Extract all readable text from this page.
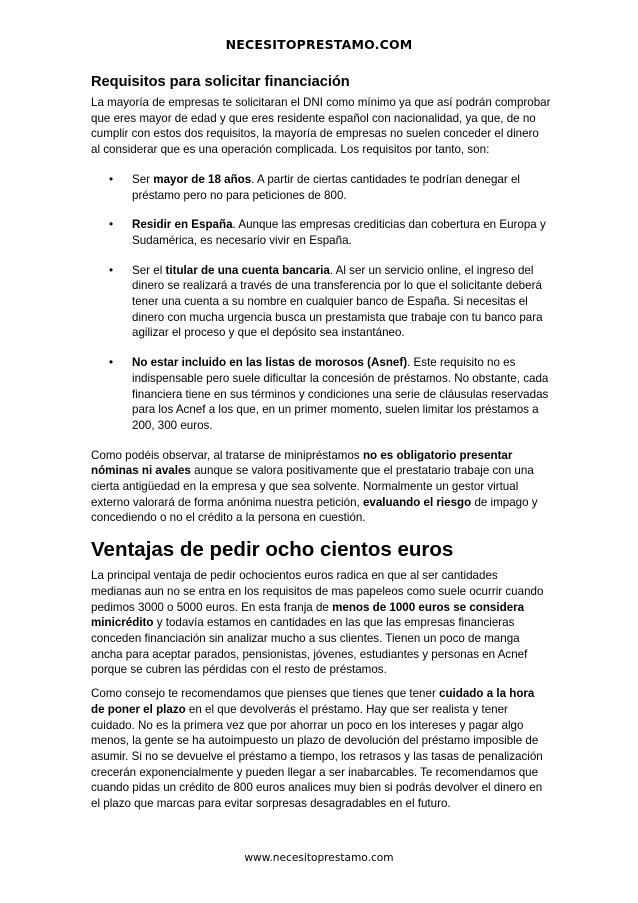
NECESITOPRESTAMO.COM
Requisitos para solicitar financiación

La mayoría de empresas te solicitaran el DNI como mínimo ya que así podrán comprobar que eres mayor de edad y que eres residente español con nacionalidad, ya que, de no cumplir con estos dos requisitos, la mayoría de empresas no suelen conceder el dinero al considerar que es una operación complicada. Los requisitos por tanto, son:

• Ser mayor de 18 años. A partir de ciertas cantidades te podrían denegar el préstamo pero no para peticiones de 800.
• Residir en España. Aunque las empresas crediticias dan cobertura en Europa y Sudamérica, es necesario vivir en España.
• Ser el titular de una cuenta bancaria. Al ser un servicio online, el ingreso del dinero se realizará a través de una transferencia por lo que el solicitante deberá tener una cuenta a su nombre en cualquier banco de España. Si necesitas el dinero con mucha urgencia busca un prestamista que trabaje con tu banco para agilizar el proceso y que el depósito sea instantáneo.
• No estar incluido en las listas de morosos (Asnef). Este requisito no es indispensable pero suele dificultar la concesión de préstamos. No obstante, cada financiera tiene en sus términos y condiciones una serie de cláusulas reservadas para los Acnef a los que, en un primer momento, suelen limitar los préstamos a 200, 300 euros.

Como podéis observar, al tratarse de minipréstamos no es obligatorio presentar nóminas ni avales aunque se valora positivamente que el prestatario trabaje con una cierta antigüedad en la empresa y que sea solvente. Normalmente un gestor virtual externo valorará de forma anónima nuestra petición, evaluando el riesgo de impago y concediendo o no el crédito a la persona en cuestión.

Ventajas de pedir ocho cientos euros

La principal ventaja de pedir ochocientos euros radica en que al ser cantidades medianas aun no se entra en los requisitos de mas papeleos como suele ocurrir cuando pedimos 3000 o 5000 euros. En esta franja de menos de 1000 euros se considera minicrédito y todavía estamos en cantidades en las que las empresas financieras conceden financiación sin analizar mucho a sus clientes. Tienen un poco de manga ancha para aceptar parados, pensionistas, jóvenes, estudiantes y personas en Acnef porque se cubren las pérdidas con el resto de préstamos.

Como consejo te recomendamos que pienses que tienes que tener cuidado a la hora de poner el plazo en el que devolverás el préstamo. Hay que ser realista y tener cuidado. No es la primera vez que por ahorrar un poco en los intereses y pagar algo menos, la gente se ha autoimpuesto un plazo de devolución del préstamo imposible de asumir. Si no se devuelve el préstamo a tiempo, los retrasos y las tasas de penalización crecerán exponencialmente y pueden llegar a ser inabarcables. Te recomendamos que cuando pidas un crédito de 800 euros analices muy bien si podrás devolver el dinero en el plazo que marcas para evitar sorpresas desagradables en el futuro.

www.necesitoprestamo.com
